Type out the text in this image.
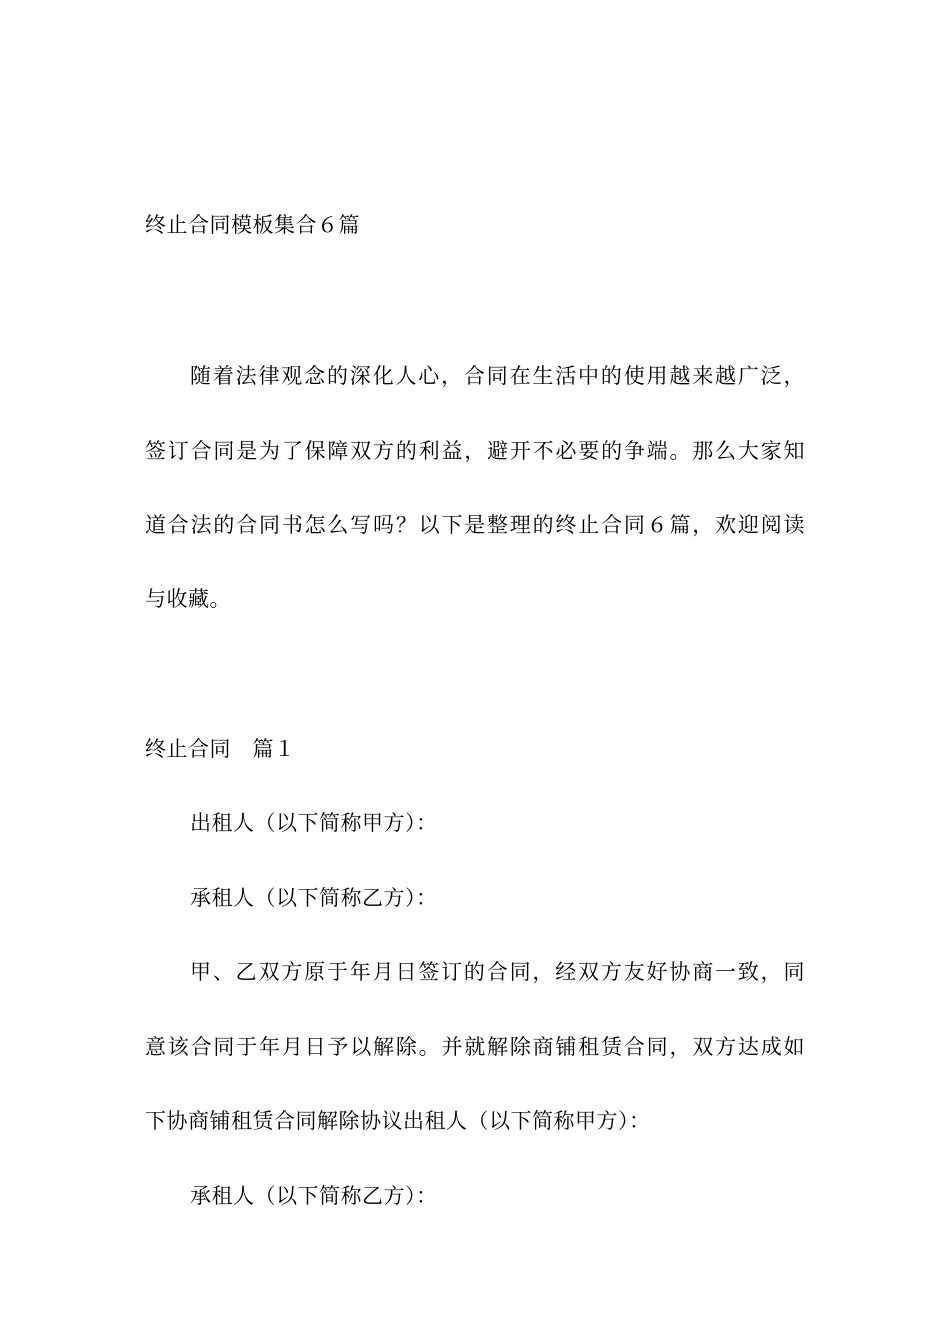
终止合同模板集合６篇
随着法律观念的深化人心，合同在生活中的使用越来越广泛，
签订合同是为了保障双方的利益，避开不必要的争端。那么大家知
道合法的合同书怎么写吗？以下是整理的终止合同６篇，欢迎阅读
与收藏。
终止合同　篇１
出租人（以下简称甲方）：
承租人（以下简称乙方）：
甲、乙双方原于年月日签订的合同，经双方友好协商一致，同
意该合同于年月日予以解除。并就解除商铺租赁合同，双方达成如
下协商铺租赁合同解除协议出租人（以下简称甲方）：
承租人（以下简称乙方）：
